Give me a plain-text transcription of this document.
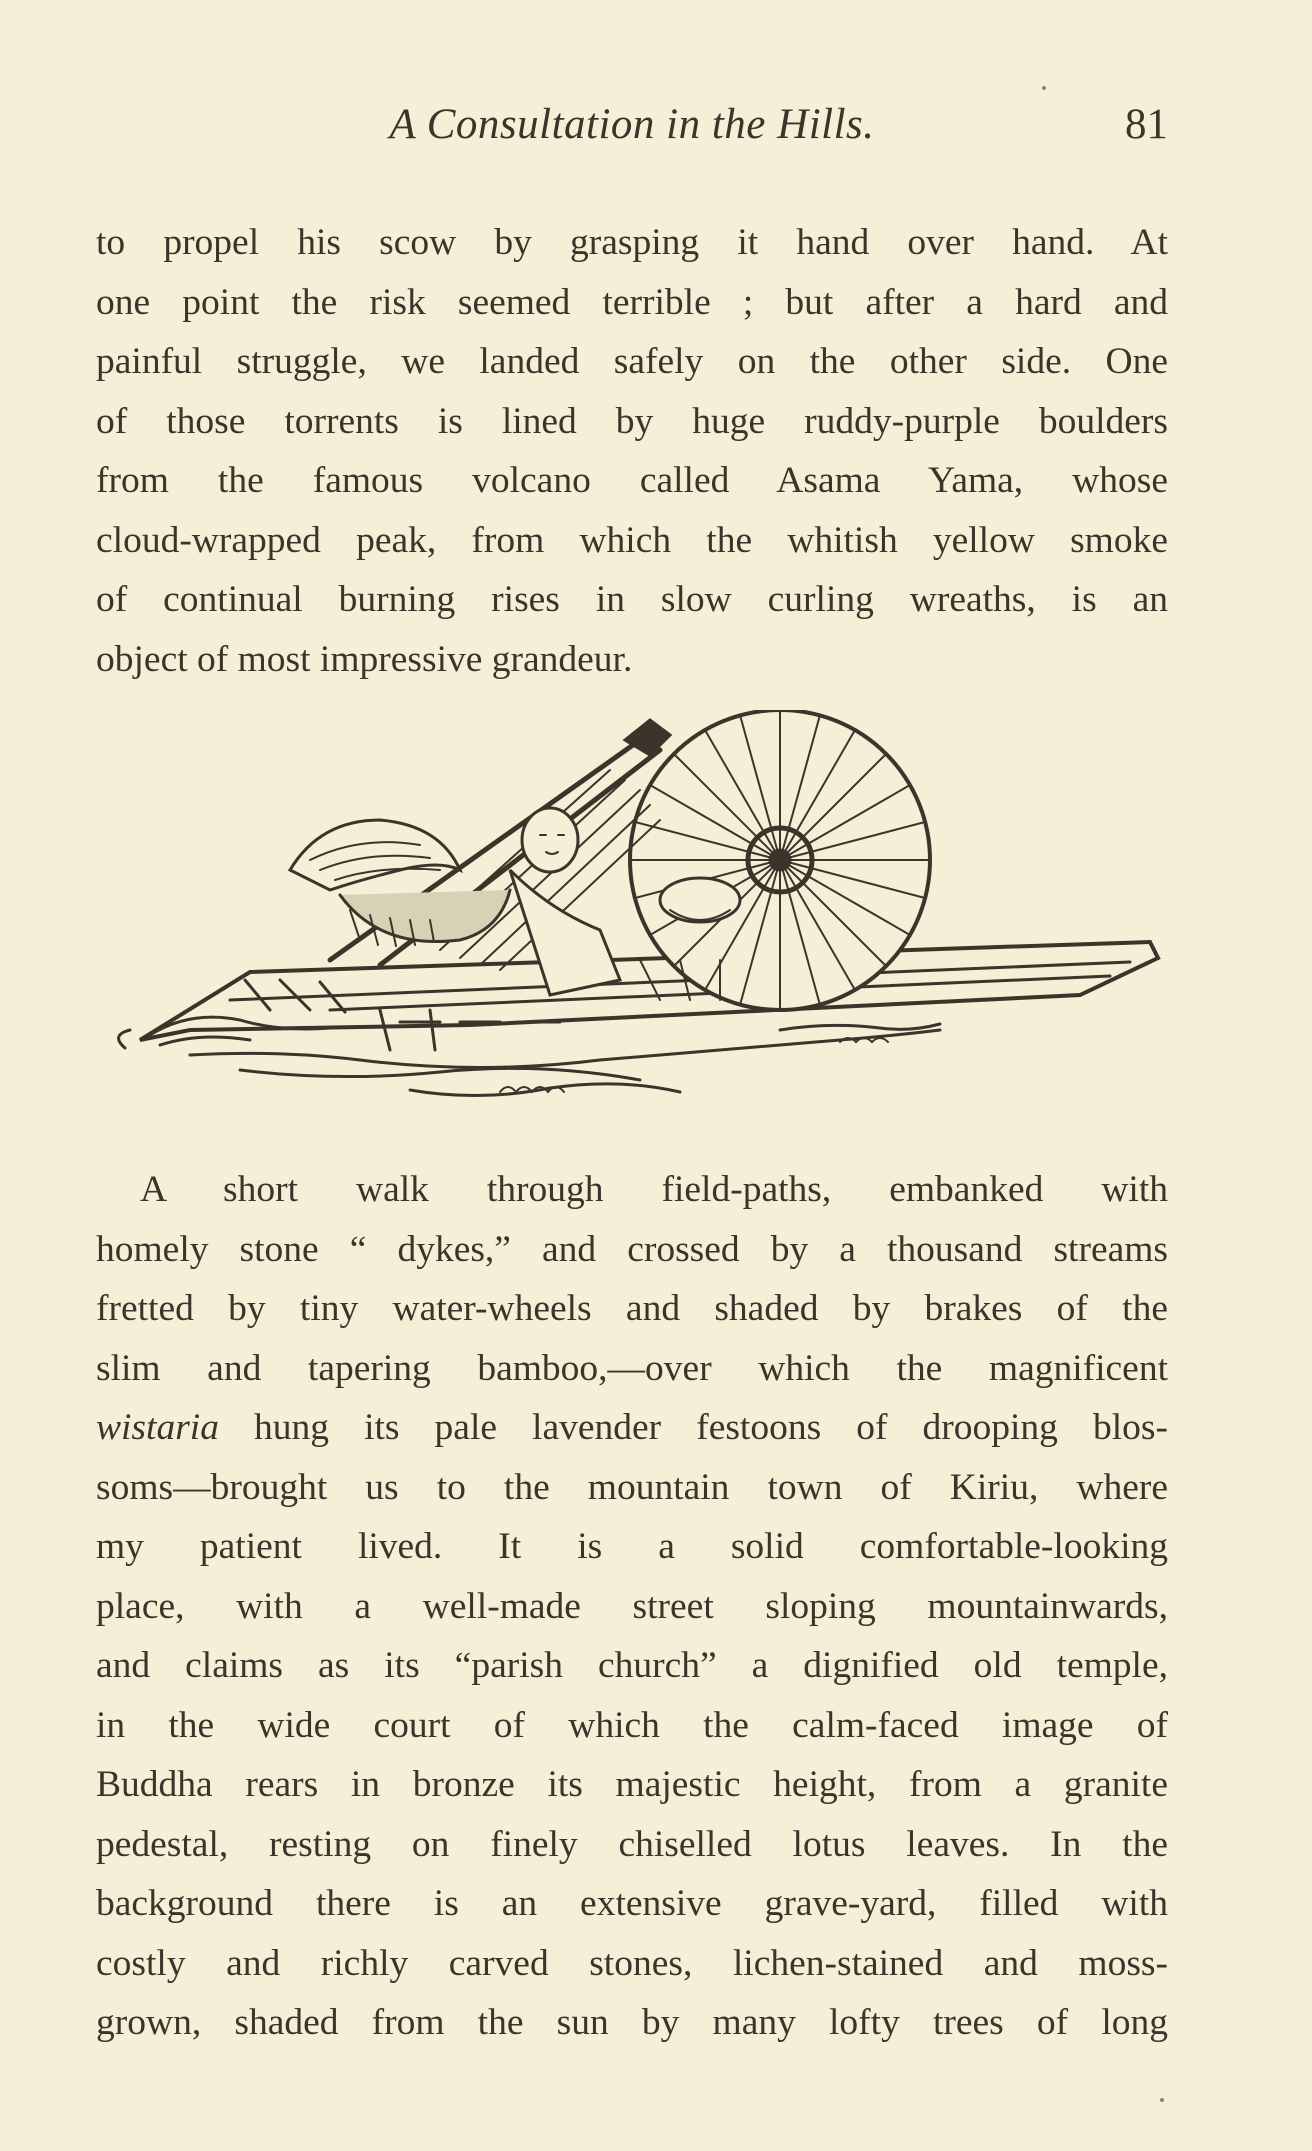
A Consultation in the Hills.	81
to propel his scow by grasping it hand over hand. At
one point the risk seemed terrible ; but after a hard and
painful struggle, we landed safely on the other side. One
of those torrents is lined by huge ruddy-purple boulders
from the famous volcano called Asama Yama, whose
cloud-wrapped peak, from which the whitish yellow smoke
of continual burning rises in slow curling wreaths, is an
object of most impressive grandeur.
A short walk through field-paths, embanked with
homely stone “ dykes,” and crossed by a thousand streams
fretted by tiny water-wheels and shaded by brakes of the
slim and tapering bamboo,—over which the magnificent
wistaria hung its pale lavender festoons of drooping blos-
soms—brought us to the mountain town of Kiriu, where
my patient lived. It is a solid comfortable-looking
place, with a well-made street sloping mountainwards,
and claims as its “parish church” a dignified old temple,
in the wide court of which the calm-faced image of
Buddha rears in bronze its majestic height, from a granite
pedestal, resting on finely chiselled lotus leaves. In the
background there is an extensive grave-yard, filled with
costly and richly carved stones, lichen-stained and moss-
grown, shaded from the sun by many lofty trees of long
